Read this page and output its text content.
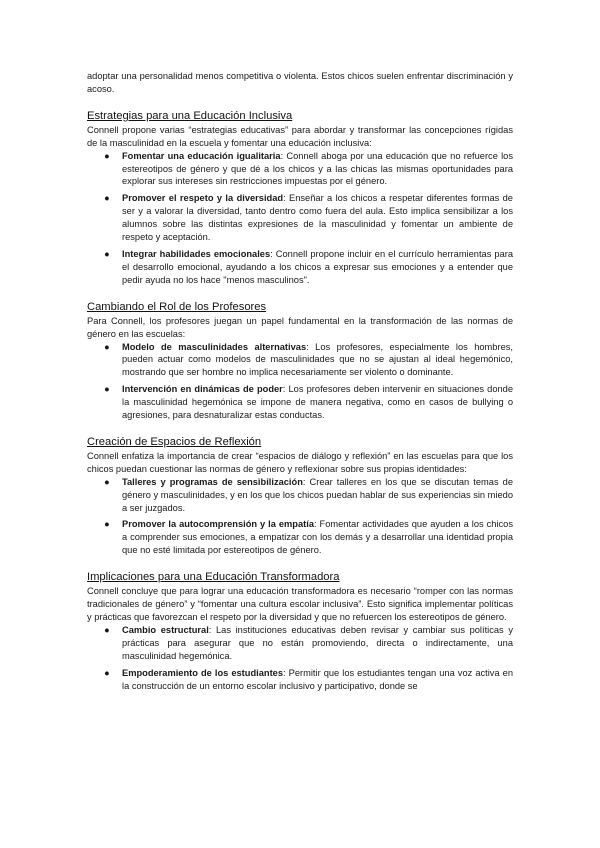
adoptar una personalidad menos competitiva o violenta. Estos chicos suelen enfrentar discriminación y acoso.

Estrategias para una Educación Inclusiva

Connell propone varias “estrategias educativas” para abordar y transformar las concepciones rígidas de la masculinidad en la escuela y fomentar una educación inclusiva:

● Fomentar una educación igualitaria: Connell aboga por una educación que no refuerce los estereotipos de género y que dé a los chicos y a las chicas las mismas oportunidades para explorar sus intereses sin restricciones impuestas por el género.
● Promover el respeto y la diversidad: Enseñar a los chicos a respetar diferentes formas de ser y a valorar la diversidad, tanto dentro como fuera del aula. Esto implica sensibilizar a los alumnos sobre las distintas expresiones de la masculinidad y fomentar un ambiente de respeto y aceptación.
● Integrar habilidades emocionales: Connell propone incluir en el currículo herramientas para el desarrollo emocional, ayudando a los chicos a expresar sus emociones y a entender que pedir ayuda no los hace "menos masculinos".
Cambiando el Rol de los Profesores

Para Connell, los profesores juegan un papel fundamental en la transformación de las normas de género en las escuelas:

● Modelo de masculinidades alternativas: Los profesores, especialmente los hombres, pueden actuar como modelos de masculinidades que no se ajustan al ideal hegemónico, mostrando que ser hombre no implica necesariamente ser violento o dominante.
● Intervención en dinámicas de poder: Los profesores deben intervenir en situaciones donde la masculinidad hegemónica se impone de manera negativa, como en casos de bullying o agresiones, para desnaturalizar estas conductas.
Creación de Espacios de Reflexión

Connell enfatiza la importancia de crear “espacios de diálogo y reflexión” en las escuelas para que los chicos puedan cuestionar las normas de género y reflexionar sobre sus propias identidades:

● Talleres y programas de sensibilización: Crear talleres en los que se discutan temas de género y masculinidades, y en los que los chicos puedan hablar de sus experiencias sin miedo a ser juzgados.
● Promover la autocomprensión y la empatía: Fomentar actividades que ayuden a los chicos a comprender sus emociones, a empatizar con los demás y a desarrollar una identidad propia que no esté limitada por estereotipos de género.
Implicaciones para una Educación Transformadora

Connell concluye que para lograr una educación transformadora es necesario “romper con las normas tradicionales de género” y “fomentar una cultura escolar inclusiva”. Esto significa implementar políticas y prácticas que favorezcan el respeto por la diversidad y que no refuercen los estereotipos de género.

● Cambio estructural: Las instituciones educativas deben revisar y cambiar sus políticas y prácticas para asegurar que no están promoviendo, directa o indirectamente, una masculinidad hegemónica.
● Empoderamiento de los estudiantes: Permitir que los estudiantes tengan una voz activa en la construcción de un entorno escolar inclusivo y participativo, donde se
